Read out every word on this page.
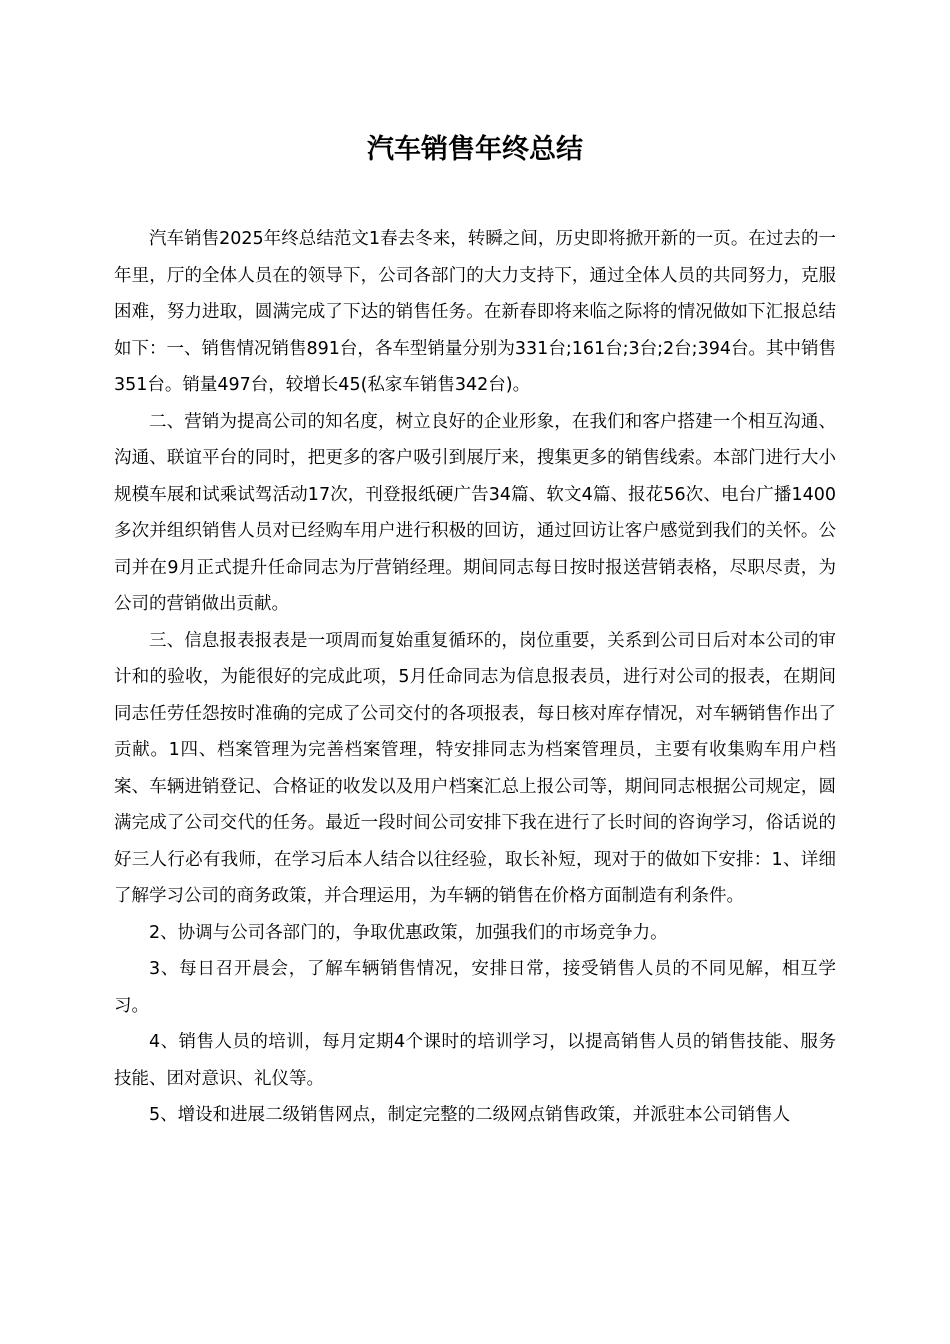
汽车销售年终总结

汽车销售2025年终总结范文1春去冬来，转瞬之间，历史即将掀开新的一页。在过去的一年里，厅的全体人员在的领导下，公司各部门的大力支持下，通过全体人员的共同努力，克服困难，努力进取，圆满完成了下达的销售任务。在新春即将来临之际将的情况做如下汇报总结如下：一、销售情况销售891台，各车型销量分别为331台;161台;3台;2台;394台。其中销售351台。销量497台，较增长45(私家车销售342台)。

二、营销为提高公司的知名度，树立良好的企业形象，在我们和客户搭建一个相互沟通、沟通、联谊平台的同时，把更多的客户吸引到展厅来，搜集更多的销售线索。本部门进行大小规模车展和试乘试驾活动17次，刊登报纸硬广告34篇、软文4篇、报花56次、电台广播1400多次并组织销售人员对已经购车用户进行积极的回访，通过回访让客户感觉到我们的关怀。公司并在9月正式提升任命同志为厅营销经理。期间同志每日按时报送营销表格，尽职尽责，为公司的营销做出贡献。

三、信息报表报表是一项周而复始重复循环的，岗位重要，关系到公司日后对本公司的审计和的验收，为能很好的完成此项，5月任命同志为信息报表员，进行对公司的报表，在期间同志任劳任怨按时准确的完成了公司交付的各项报表，每日核对库存情况，对车辆销售作出了贡献。1四、档案管理为完善档案管理，特安排同志为档案管理员，主要有收集购车用户档案、车辆进销登记、合格证的收发以及用户档案汇总上报公司等，期间同志根据公司规定，圆满完成了公司交代的任务。最近一段时间公司安排下我在进行了长时间的咨询学习，俗话说的好三人行必有我师，在学习后本人结合以往经验，取长补短，现对于的做如下安排：1、详细了解学习公司的商务政策，并合理运用，为车辆的销售在价格方面制造有利条件。

2、协调与公司各部门的，争取优惠政策，加强我们的市场竞争力。

3、每日召开晨会，了解车辆销售情况，安排日常，接受销售人员的不同见解，相互学习。

4、销售人员的培训，每月定期4个课时的培训学习，以提高销售人员的销售技能、服务技能、团对意识、礼仪等。

5、增设和进展二级销售网点，制定完整的二级网点销售政策，并派驻本公司销售人
